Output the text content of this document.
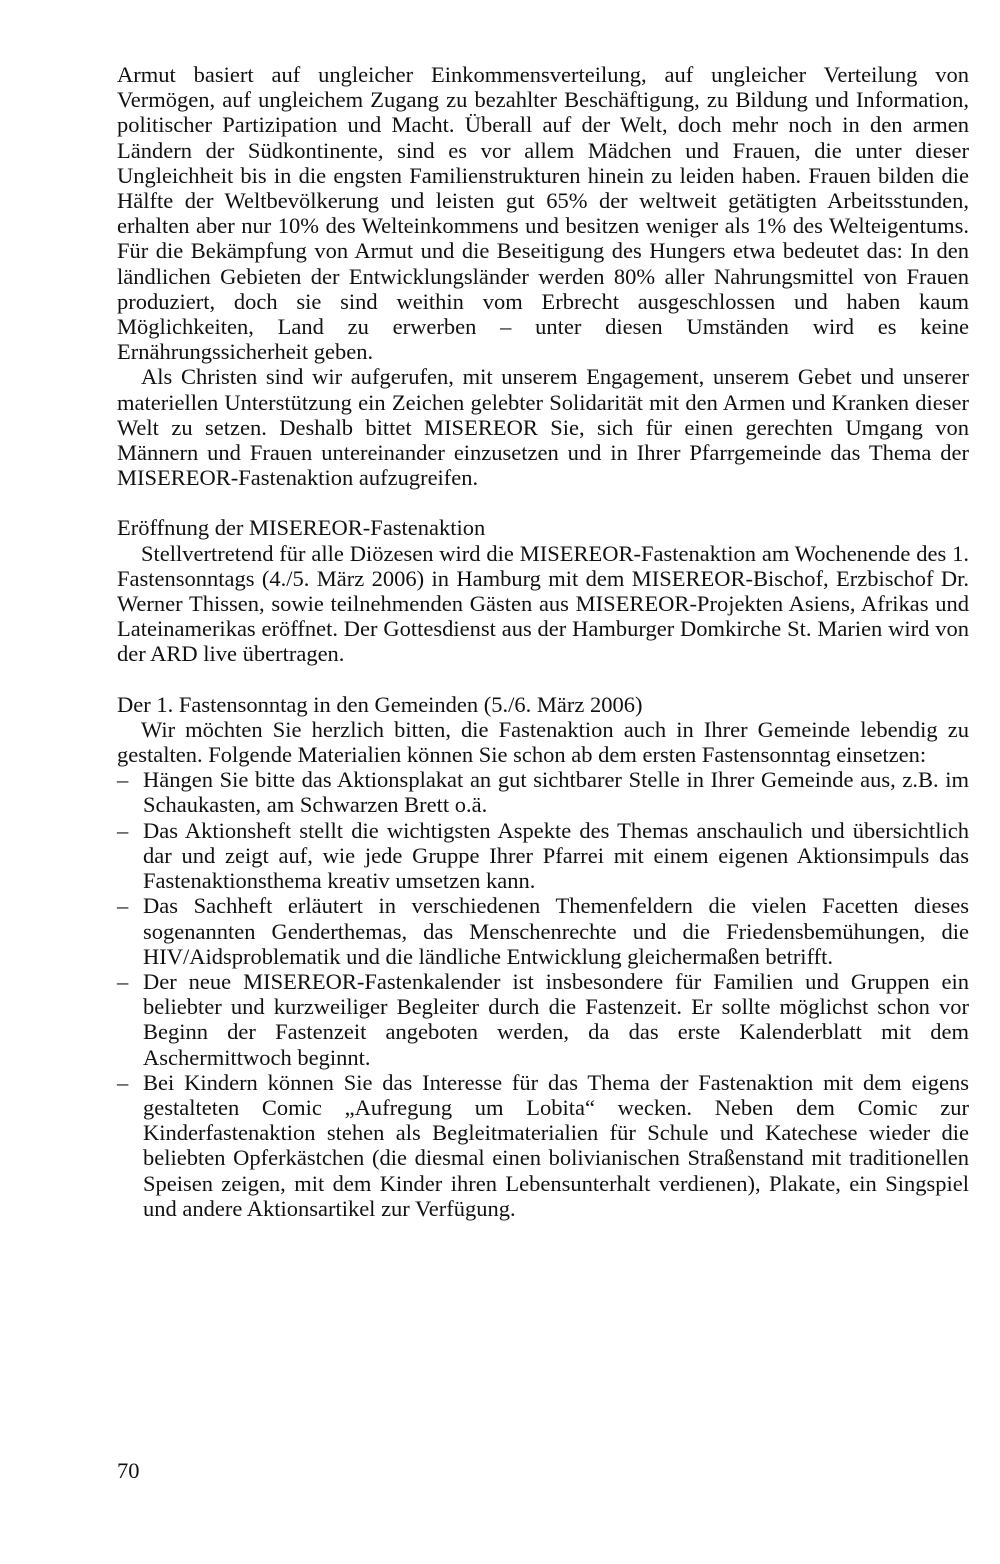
Armut basiert auf ungleicher Einkommensverteilung, auf ungleicher Verteilung von Vermögen, auf ungleichem Zugang zu bezahlter Beschäftigung, zu Bildung und Information, politischer Partizipation und Macht. Überall auf der Welt, doch mehr noch in den armen Ländern der Südkontinente, sind es vor allem Mädchen und Frauen, die unter dieser Ungleichheit bis in die engsten Familienstrukturen hinein zu leiden haben. Frauen bilden die Hälfte der Weltbevölkerung und leisten gut 65% der weltweit getätigten Arbeitsstunden, erhalten aber nur 10% des Welteinkommens und besitzen weniger als 1% des Welteigentums. Für die Bekämpfung von Armut und die Beseitigung des Hungers etwa bedeutet das: In den ländlichen Gebieten der Entwicklungsländer werden 80% aller Nahrungsmittel von Frauen produziert, doch sie sind weithin vom Erbrecht ausgeschlossen und haben kaum Möglichkeiten, Land zu erwerben – unter diesen Umständen wird es keine Ernährungssicherheit geben.

Als Christen sind wir aufgerufen, mit unserem Engagement, unserem Gebet und unserer materiellen Unterstützung ein Zeichen gelebter Solidarität mit den Armen und Kranken dieser Welt zu setzen. Deshalb bittet MISEREOR Sie, sich für einen gerechten Umgang von Männern und Frauen untereinander einzusetzen und in Ihrer Pfarrgemeinde das Thema der MISEREOR-Fastenaktion aufzugreifen.

Eröffnung der MISEREOR-Fastenaktion

Stellvertretend für alle Diözesen wird die MISEREOR-Fastenaktion am Wochenende des 1. Fastensonntags (4./5. März 2006) in Hamburg mit dem MISEREOR-Bischof, Erzbischof Dr. Werner Thissen, sowie teilnehmenden Gästen aus MISEREOR-Projekten Asiens, Afrikas und Lateinamerikas eröffnet. Der Gottesdienst aus der Hamburger Domkirche St. Marien wird von der ARD live übertragen.

Der 1. Fastensonntag in den Gemeinden (5./6. März 2006)

Wir möchten Sie herzlich bitten, die Fastenaktion auch in Ihrer Gemeinde lebendig zu gestalten. Folgende Materialien können Sie schon ab dem ersten Fastensonntag einsetzen:

– Hängen Sie bitte das Aktionsplakat an gut sichtbarer Stelle in Ihrer Gemeinde aus, z.B. im Schaukasten, am Schwarzen Brett o.ä.
– Das Aktionsheft stellt die wichtigsten Aspekte des Themas anschaulich und übersichtlich dar und zeigt auf, wie jede Gruppe Ihrer Pfarrei mit einem eigenen Aktionsimpuls das Fastenaktionsthema kreativ umsetzen kann.
– Das Sachheft erläutert in verschiedenen Themenfeldern die vielen Facetten dieses sogenannten Genderthemas, das Menschenrechte und die Friedensbemühungen, die HIV/Aidsproblematik und die ländliche Entwicklung gleichermaßen betrifft.
– Der neue MISEREOR-Fastenkalender ist insbesondere für Familien und Gruppen ein beliebter und kurzweiliger Begleiter durch die Fastenzeit. Er sollte möglichst schon vor Beginn der Fastenzeit angeboten werden, da das erste Kalenderblatt mit dem Aschermittwoch beginnt.
– Bei Kindern können Sie das Interesse für das Thema der Fastenaktion mit dem eigens gestalteten Comic „Aufregung um Lobita“ wecken. Neben dem Comic zur Kinderfastenaktion stehen als Begleitmaterialien für Schule und Katechese wieder die beliebten Opferkästchen (die diesmal einen bolivianischen Straßenstand mit traditionellen Speisen zeigen, mit dem Kinder ihren Lebensunterhalt verdienen), Plakate, ein Singspiel und andere Aktionsartikel zur Verfügung.
70
